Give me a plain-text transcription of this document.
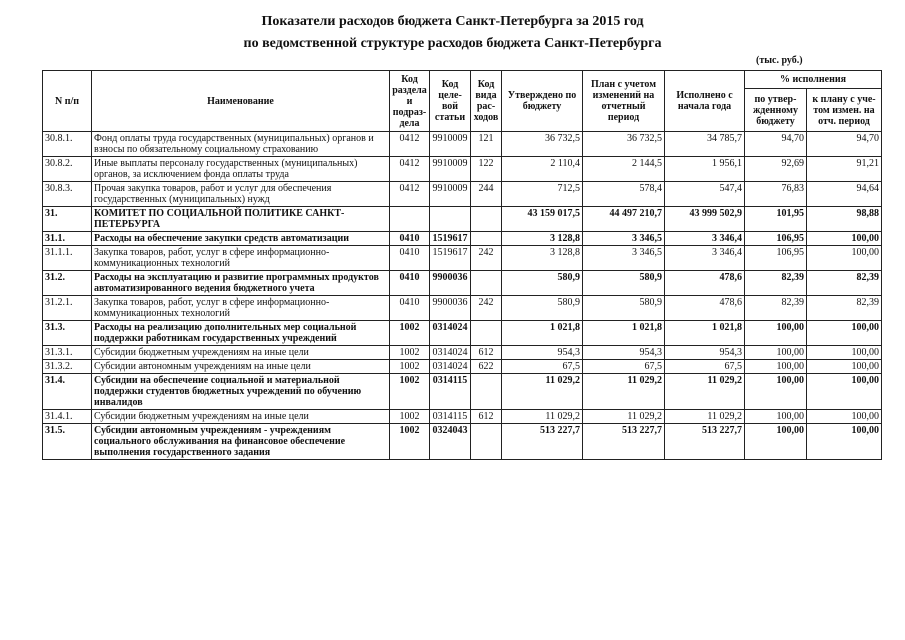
Показатели расходов бюджета Санкт-Петербурга за 2015 год
по ведомственной структуре расходов бюджета Санкт-Петербурга
(тыс. руб.)
N п/п	Наименование	Код раздела и подраз-дела	Код целе-вой статьи	Код вида рас-ходов	Утверждено по бюджету	План с учетом изменений на отчетный период	Исполнено с начала года	% исполнения	
								по утвер-жденному бюджету	к плану с уче-том измен. на отч. период
30.8.1.	Фонд оплаты труда государственных (муниципальных) органов и взносы по обязательному социальному страхованию	0412	9910009	121	36 732,5	36 732,5	34 785,7	94,70	94,70
30.8.2.	Иные выплаты персоналу государственных (муниципальных) органов, за исключением фонда оплаты труда	0412	9910009	122	2 110,4	2 144,5	1 956,1	92,69	91,21
30.8.3.	Прочая закупка товаров, работ и услуг для обеспечения государственных (муниципальных) нужд	0412	9910009	244	712,5	578,4	547,4	76,83	94,64
31.	КОМИТЕТ ПО СОЦИАЛЬНОЙ ПОЛИТИКЕ САНКТ-ПЕТЕРБУРГА				43 159 017,5	44 497 210,7	43 999 502,9	101,95	98,88
31.1.	Расходы на обеспечение закупки средств автоматизации	0410	1519617		3 128,8	3 346,5	3 346,4	106,95	100,00
31.1.1.	Закупка товаров, работ, услуг в сфере информационно-коммуникационных технологий	0410	1519617	242	3 128,8	3 346,5	3 346,4	106,95	100,00
31.2.	Расходы на эксплуатацию и развитие программных продуктов автоматизированного ведения бюджетного учета	0410	9900036		580,9	580,9	478,6	82,39	82,39
31.2.1.	Закупка товаров, работ, услуг в сфере информационно-коммуникационных технологий	0410	9900036	242	580,9	580,9	478,6	82,39	82,39
31.3.	Расходы на реализацию дополнительных мер социальной поддержки работникам государственных учреждений	1002	0314024		1 021,8	1 021,8	1 021,8	100,00	100,00
31.3.1.	Субсидии бюджетным учреждениям на иные цели	1002	0314024	612	954,3	954,3	954,3	100,00	100,00
31.3.2.	Субсидии автономным учреждениям на иные цели	1002	0314024	622	67,5	67,5	67,5	100,00	100,00
31.4.	Субсидии на обеспечение социальной и материальной поддержки студентов бюджетных учреждений по обучению инвалидов	1002	0314115		11 029,2	11 029,2	11 029,2	100,00	100,00
31.4.1.	Субсидии бюджетным учреждениям на иные цели	1002	0314115	612	11 029,2	11 029,2	11 029,2	100,00	100,00
31.5.	Субсидии автономным учреждениям - учреждениям социального обслуживания на финансовое обеспечение выполнения государственного задания	1002	0324043		513 227,7	513 227,7	513 227,7	100,00	100,00
